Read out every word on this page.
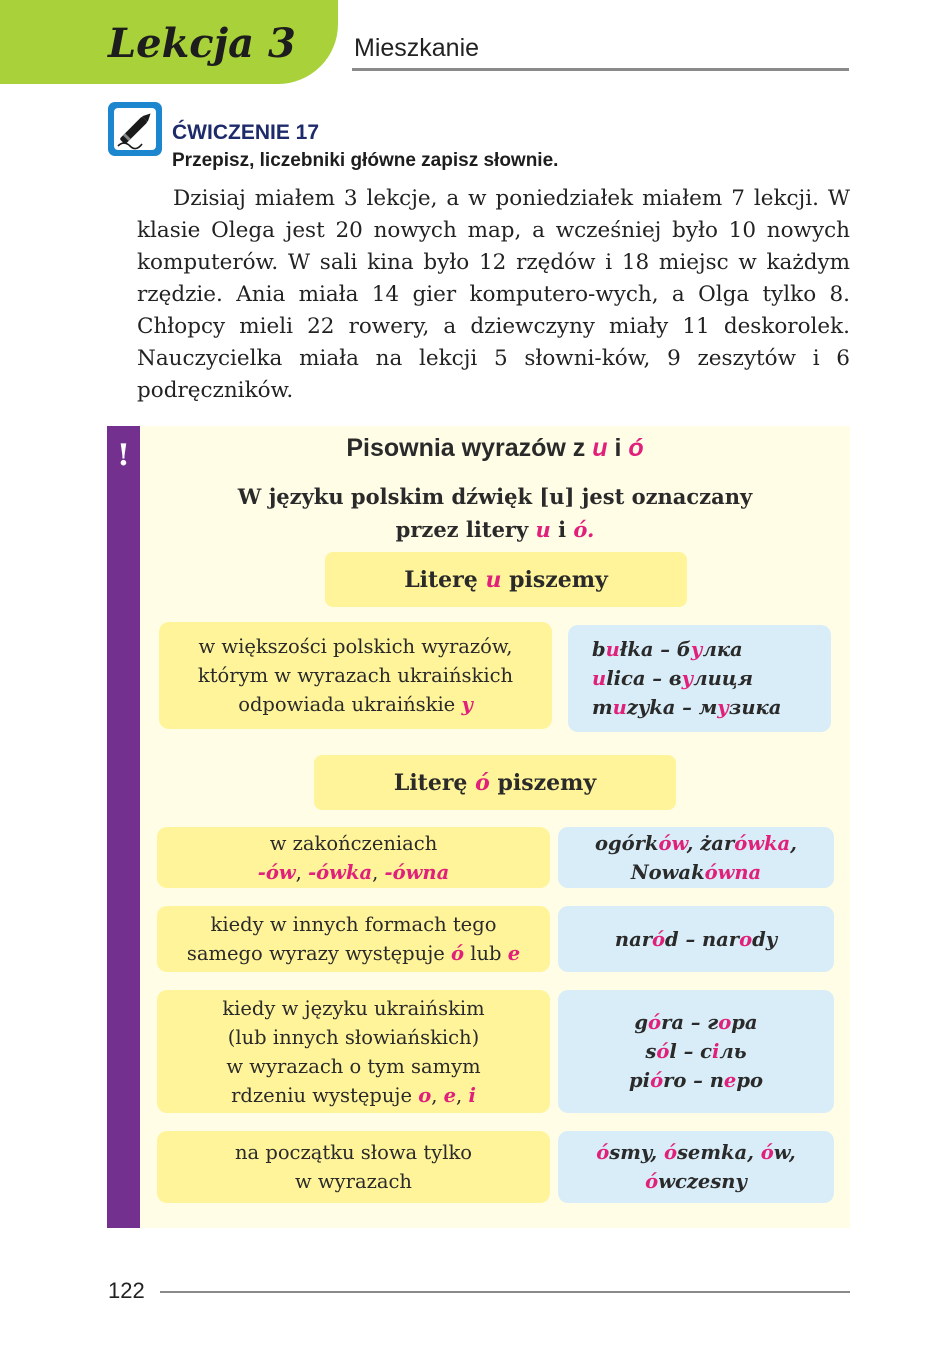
Lekcja 3 Mieszkanie
ĆWICZENIE 17
Przepisz, liczebniki główne zapisz słownie.

Dzisiaj miałem 3 lekcje, a w poniedziałek miałem 7 lekcji. W klasie Olega jest 20 nowych map, a wcześniej było 10 nowych komputerów. W sali kina było 12 rzędów i 18 miejsc w każdym rzędzie. Ania miała 14 gier komputero-wych, a Olga tylko 8. Chłopcy mieli 22 rowery, a dziewczyny miały 11 deskorolek. Nauczycielka miała na lekcji 5 słowni-ków, 9 zeszytów i 6 podręczników.

!	Pisownia wyrazów z u i ó
W języku polskim dźwięk [u] jest oznaczany
przez litery u i ó.
Literę
u
piszemy
w większości polskich wyrazów,
którym w wyrazach ukraińskich
odpowiada ukraińskie y
bułka – булка
ulica – вулиця
muzyka – музика
Literę
ó
piszemy
w zakończeniach
-ów, -ówka, -ówna
ogórków, żarówka,
Nowakówna
kiedy w innych formach tego
samego wyrazy występuje ó lub e
naród – narody
kiedy w języku ukraińskim
(lub innych słowiańskich)
w wyrazach o tym samym
rdzeniu występuje o, e, i
góra – гора
sól – сіль
pióro – перо
na początku słowa tylko
w wyrazach
ósmy, ósemka, ów,
ówczesny
122
